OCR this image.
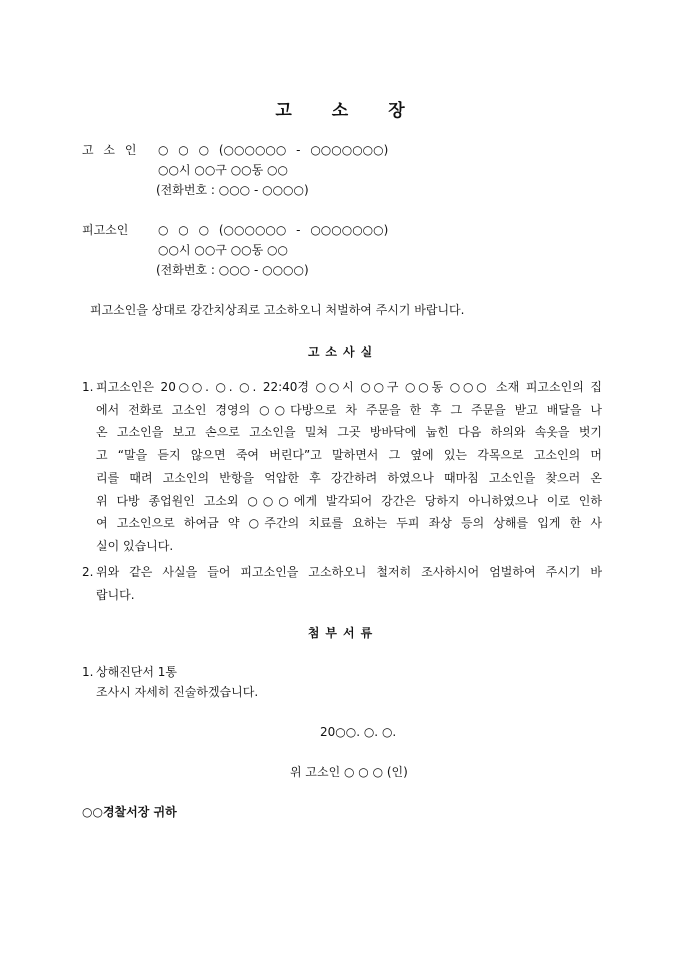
고소장
고 소 인 ○ ○ ○ (○○○○○○ - ○○○○○○○)
○○시 ○○구 ○○동 ○○
(전화번호 : ○○○ - ○○○○)
피고소인 ○ ○ ○ (○○○○○○ - ○○○○○○○)
○○시 ○○구 ○○동 ○○
(전화번호 : ○○○ - ○○○○)
피고소인을 상대로 강간치상죄로 고소하오니 처벌하여 주시기 바랍니다.
고소사실
1. 피고소인은 20○○. ○. ○. 22:40경 ○○시 ○○구 ○○동 ○○○ 소재 피고소인의 집
에서 전화로 고소인 경영의 ○○다방으로 차 주문을 한 후 그 주문을 받고 배달을 나
온 고소인을 보고 손으로 고소인을 밀쳐 그곳 방바닥에 눕힌 다음 하의와 속옷을 벗기
고 “말을 듣지 않으면 죽여 버린다”고 말하면서 그 옆에 있는 각목으로 고소인의 머
리를 때려 고소인의 반항을 억압한 후 강간하려 하였으나 때마침 고소인을 찾으러 온
위 다방 종업원인 고소외 ○○○에게 발각되어 강간은 당하지 아니하였으나 이로 인하
여 고소인으로 하여금 약 ○주간의 치료를 요하는 두피 좌상 등의 상해를 입게 한 사
실이 있습니다.
2. 위와 같은 사실을 들어 피고소인을 고소하오니 철저히 조사하시어 엄벌하여 주시기 바
랍니다.
첨부서류
1. 상해진단서 1통
조사시 자세히 진술하겠습니다.
20○○. ○. ○.
위 고소인 ○ ○ ○ (인)
○○경찰서장 귀하
